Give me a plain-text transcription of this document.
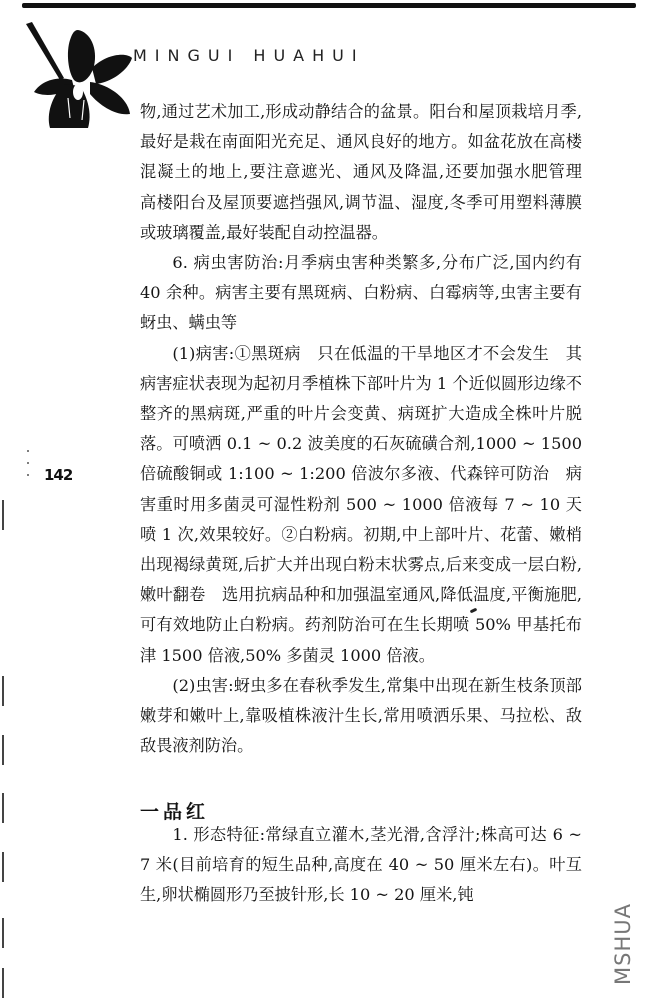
MINGUI HUAHUI

物,通过艺术加工,形成动静结合的盆景。阳台和屋顶栽培月季,最好是栽在南面阳光充足、通风良好的地方。如盆花放在高楼混凝土的地上,要注意遮光、通风及降温,还要加强水肥管理　高楼阳台及屋顶要遮挡强风,调节温、湿度,冬季可用塑料薄膜或玻璃覆盖,最好装配自动控温器。

6. 病虫害防治:月季病虫害种类繁多,分布广泛,国内约有 40 余种。病害主要有黑斑病、白粉病、白霉病等,虫害主要有蚜虫、螨虫等

(1)病害:①黑斑病　只在低温的干旱地区才不会发生　其病害症状表现为起初月季植株下部叶片为 1 个近似圆形边缘不整齐的黑病斑,严重的叶片会变黄、病斑扩大造成全株叶片脱落。可喷洒 0.1 ~ 0.2 波美度的石灰硫磺合剂,1000 ~ 1500 倍硫酸铜或 1:100 ~ 1:200 倍波尔多液、代森锌可防治　病害重时用多菌灵可湿性粉剂 500 ~ 1000 倍液每 7 ~ 10 天喷 1 次,效果较好。②白粉病。初期,中上部叶片、花蕾、嫩梢出现褐绿黄斑,后扩大并出现白粉末状雾点,后来变成一层白粉,嫩叶翻卷　选用抗病品种和加强温室通风,降低温度,平衡施肥,可有效地防止白粉病。药剂防治可在生长期喷 50% 甲基托布津 1500 倍液,50% 多菌灵 1000 倍液。

(2)虫害:蚜虫多在春秋季发生,常集中出现在新生枝条顶部嫩芽和嫩叶上,靠吸植株液汁生长,常用喷洒乐果、马拉松、敌敌畏液剂防治。

一品红

1. 形态特征:常绿直立灌木,茎光滑,含浮汁;株高可达 6 ~ 7 米(目前培育的短生品种,高度在 40 ~ 50 厘米左右)。叶互生,卵状椭圆形乃至披针形,长 10 ~ 20 厘米,钝

142
MSHUA
